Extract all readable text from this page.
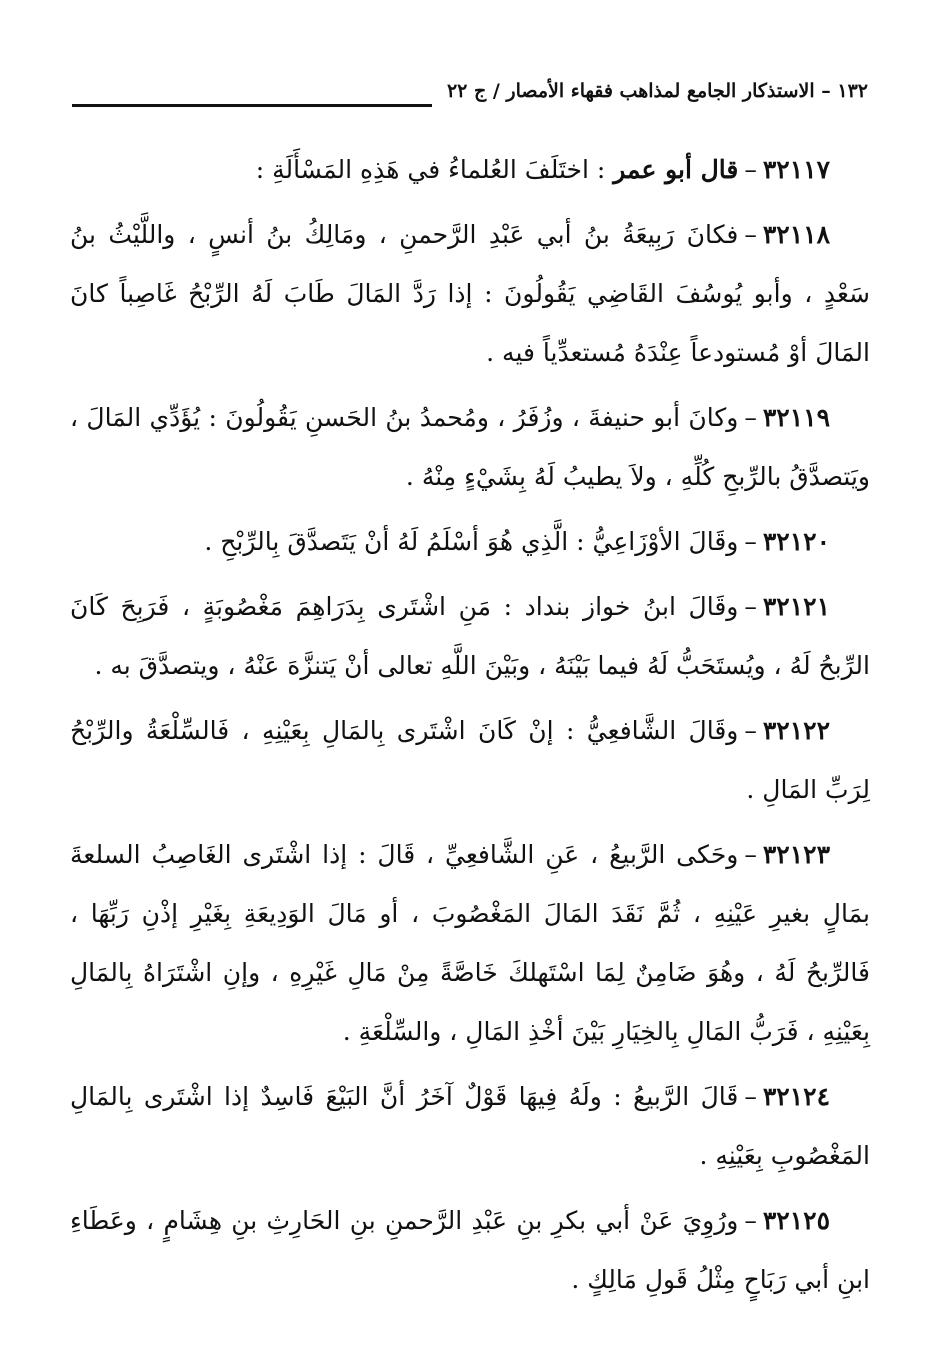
١٣٢ – الاستذكار الجامع لمذاهب فقهاء الأمصار / ج ٢٢

٣٢١١٧–قال أبو عمر : اختَلَفَ العُلماءُ في هَذِهِ المَسْأَلَةِ :

٣٢١١٨–فكانَ رَبِيعَةُ بنُ أبي عَبْدِ الرَّحمنِ ، ومَالِكُ بنُ أنسٍ ، واللَّيْثُ بنُ سَعْدٍ ، وأبو يُوسُفَ القَاضِي يَقُولُونَ : إذا رَدَّ المَالَ طَابَ لَهُ الرِّبْحُ غَاصِباً كانَ المَالَ أوْ مُستودعاً عِنْدَهُ مُستعدِّياً فيه .

٣٢١١٩–وكانَ أبو حنيفةَ ، وزُفَرُ ، ومُحمدُ بنُ الحَسنِ يَقُولُونَ : يُؤَدِّي المَالَ ، ويَتصدَّقُ بالرِّبحِ كُلِّهِ ، ولاَ يطيبُ لَهُ بِشَيْءٍ مِنْهُ .

٣٢١٢٠–وقَالَ الأوْزَاعِيُّ : الَّذِي هُوَ أسْلَمُ لَهُ أنْ يَتَصدَّقَ بِالرِّبْحِ .

٣٢١٢١–وقَالَ ابنُ خواز بنداد : مَنِ اشْتَرى بِدَرَاهِمَ مَغْصُوبَةٍ ، فَرَبِحَ كَانَ الرِّبحُ لَهُ ، ويُستَحَبُّ لَهُ فيما بَيْنَهُ ، وبَيْنَ اللَّهِ تعالى أنْ يَتنزَّهَ عَنْهُ ، ويتصدَّقَ به .

٣٢١٢٢–وقَالَ الشَّافعِيُّ : إنْ كَانَ اشْتَرى بِالمَالِ بِعَيْنِهِ ، فَالسِّلْعَةُ والرِّبْحُ لِرَبِّ المَالِ .

٣٢١٢٣–وحَكى الرَّبيعُ ، عَنِ الشَّافعِيِّ ، قَالَ : إذا اشْتَرى الغَاصِبُ السلعةَ بمَالٍ بغيرِ عَيْنِهِ ، ثُمَّ نَقَدَ المَالَ المَغْصُوبَ ، أو مَالَ الوَدِيعَةِ بِغَيْرِ إذْنِ رَبِّهَا ، فَالرِّبحُ لَهُ ، وهُوَ ضَامِنٌ لِمَا اسْتَهلكَ خَاصَّةً مِنْ مَالِ غَيْرِهِ ، وإنِ اشْتَرَاهُ بِالمَالِ بِعَيْنِهِ ، فَرَبُّ المَالِ بِالخِيَارِ بَيْنَ أخْذِ المَالِ ، والسِّلْعَةِ .

٣٢١٢٤–قَالَ الرَّبيعُ : ولَهُ فِيهَا قَوْلٌ آخَرُ أنَّ البَيْعَ فَاسِدٌ إذا اشْتَرى بِالمَالِ المَغْصُوبِ بِعَيْنِهِ .

٣٢١٢٥–ورُوِيَ عَنْ أبي بكرِ بنِ عَبْدِ الرَّحمنِ بنِ الحَارِثِ بنِ هِشَامٍ ، وعَطَاءِ ابنِ أبي رَبَاحٍ مِثْلُ قَولِ مَالِكٍ .
